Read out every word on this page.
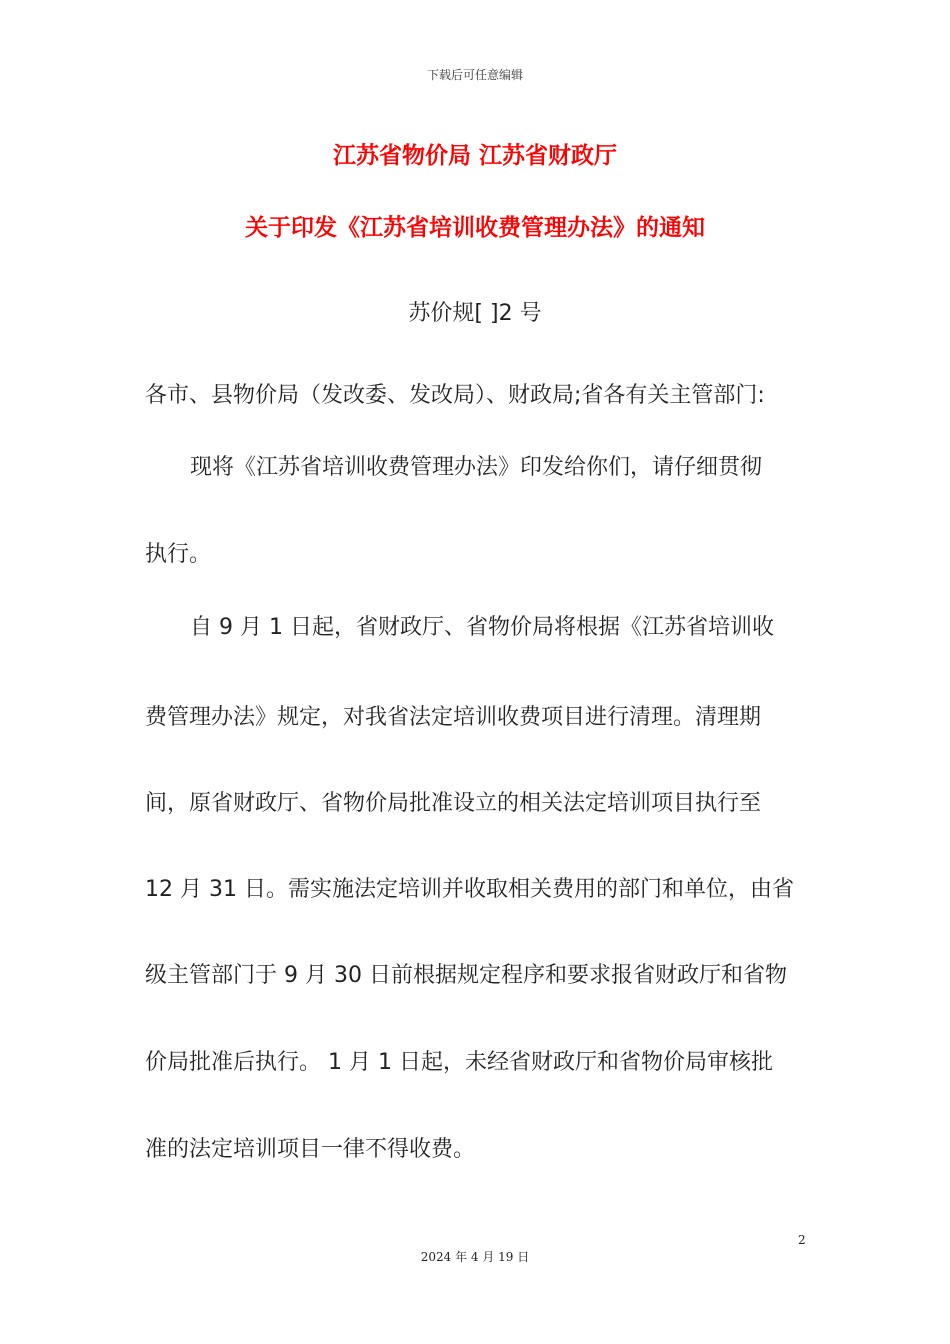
下载后可任意编辑
江苏省物价局 江苏省财政厅
关于印发《江苏省培训收费管理办法》的通知
苏价规[ ]2 号
各市、县物价局（发改委、发改局）、财政局;省各有关主管部门:
现将《江苏省培训收费管理办法》印发给你们，请仔细贯彻
执行。
自 9 月 1 日起，省财政厅、省物价局将根据《江苏省培训收
费管理办法》规定，对我省法定培训收费项目进行清理。清理期
间，原省财政厅、省物价局批准设立的相关法定培训项目执行至
12 月 31 日。需实施法定培训并收取相关费用的部门和单位，由省
级主管部门于 9 月 30 日前根据规定程序和要求报省财政厅和省物
价局批准后执行。 1 月 1 日起，未经省财政厅和省物价局审核批
准的法定培训项目一律不得收费。
2
2024 年 4 月 19 日
